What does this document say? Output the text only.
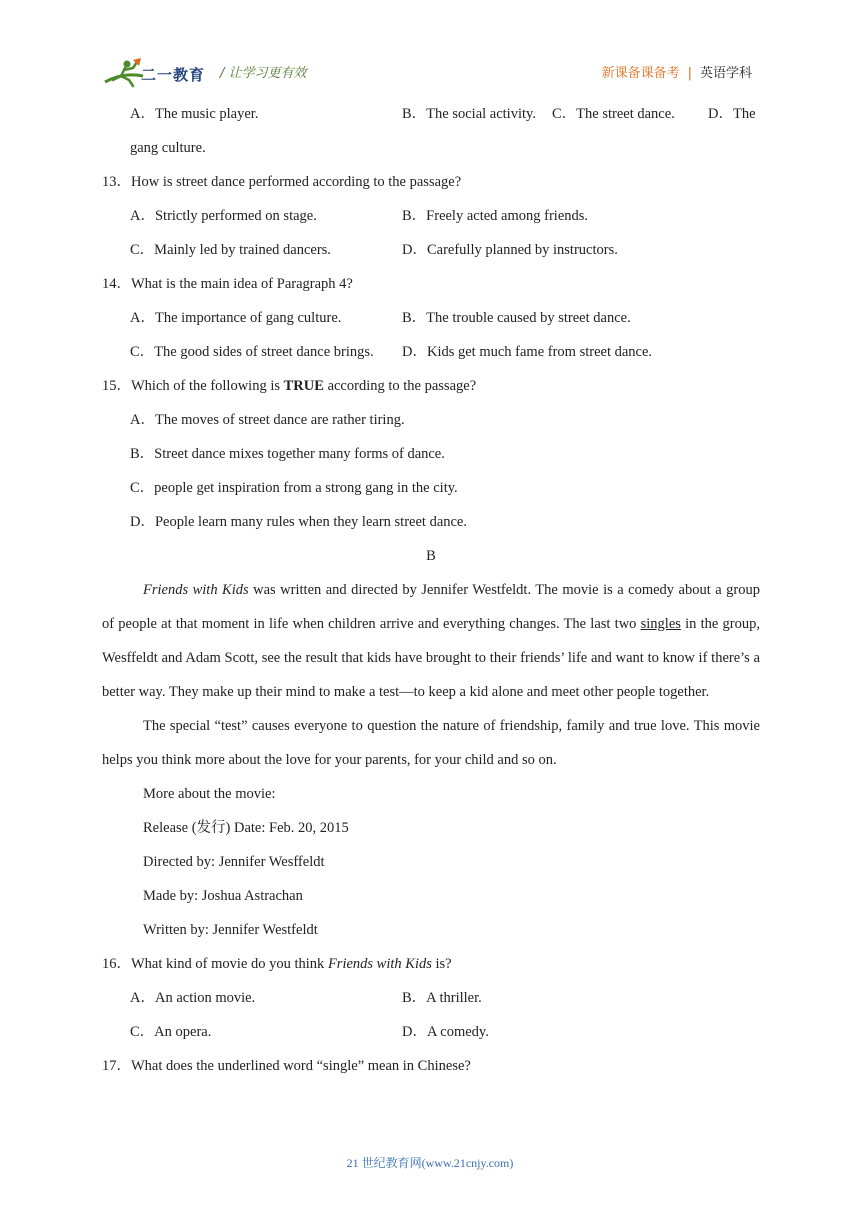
二一教育 / 让学习更有效	新课备课备考 | 英语学科
A．The music player.	B．The social activity. C．The street dance. D．The
gang culture.
13．How is street dance performed according to the passage?
A．Strictly performed on stage.	B．Freely acted among friends.
C．Mainly led by trained dancers.	D．Carefully planned by instructors.
14．What is the main idea of Paragraph 4?
A．The importance of gang culture.	B．The trouble caused by street dance.
C．The good sides of street dance brings. D．Kids get much fame from street dance.
15．Which of the following is TRUE according to the passage?
A．The moves of street dance are rather tiring.
B．Street dance mixes together many forms of dance.
C．people get inspiration from a strong gang in the city.
D．People learn many rules when they learn street dance.
B
Friends with Kids was written and directed by Jennifer Westfeldt. The movie is a comedy about a group of people at that moment in life when children arrive and everything changes. The last two singles in the group, Wesffeldt and Adam Scott, see the result that kids have brought to their friends’ life and want to know if there’s a better way. They make up their mind to make a test—to keep a kid alone and meet other people together.
The special “test” causes everyone to question the nature of friendship, family and true love. This movie helps you think more about the love for your parents, for your child and so on.
More about the movie:
Release (发行) Date: Feb. 20, 2015
Directed by: Jennifer Wesffeldt
Made by: Joshua Astrachan
Written by: Jennifer Westfeldt
16．What kind of movie do you think Friends with Kids is?
A．An action movie.	B．A thriller.
C．An opera.	D．A comedy.
17．What does the underlined word “single” mean in Chinese?
21 世纪教育网(www.21cnjy.com)
